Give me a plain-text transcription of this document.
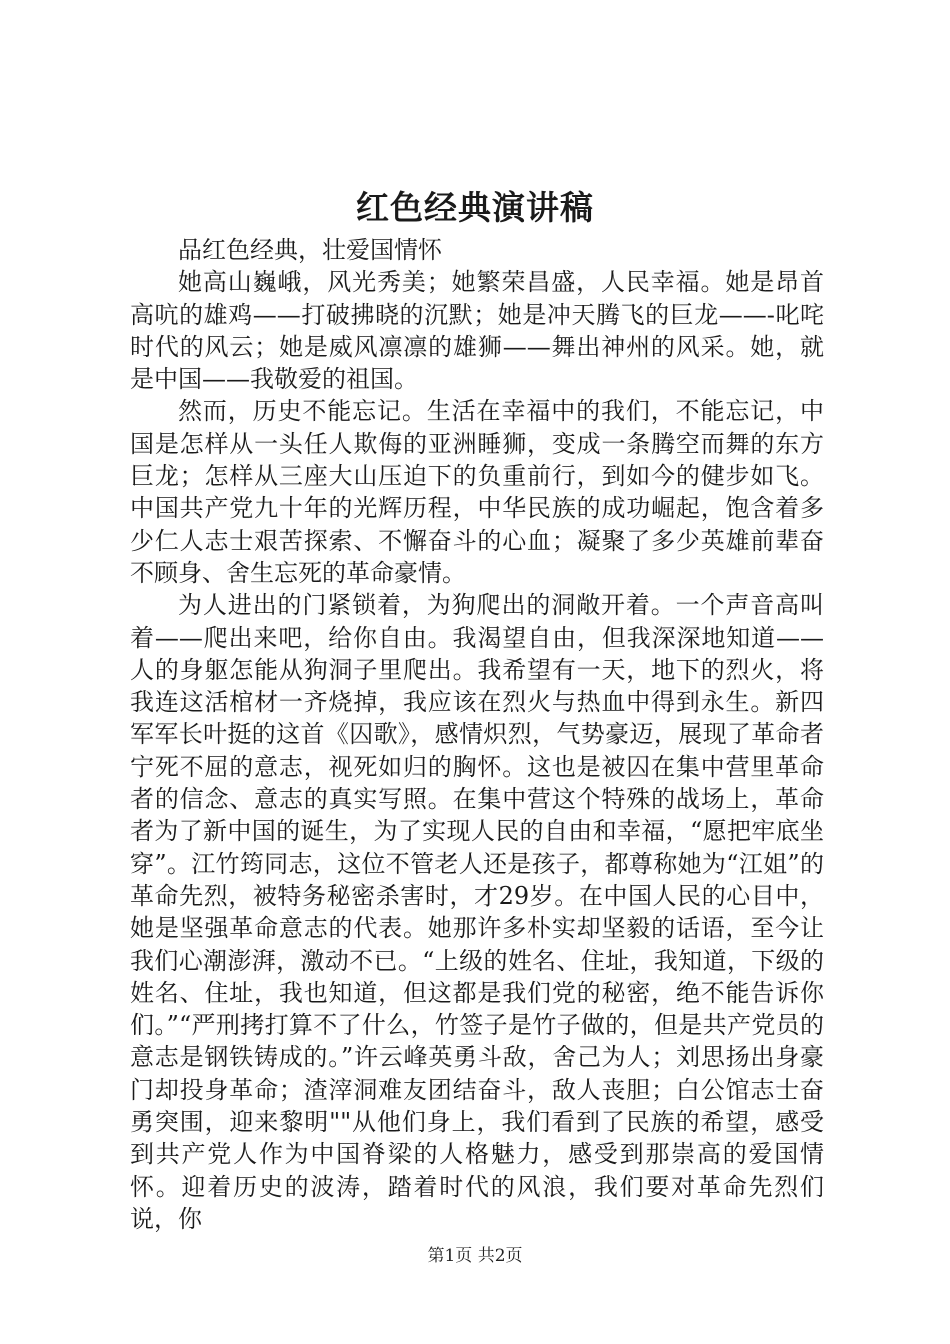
红色经典演讲稿

品红色经典，壮爱国情怀

她高山巍峨，风光秀美；她繁荣昌盛，人民幸福。她是昂首高吭的雄鸡——打破拂晓的沉默；她是冲天腾飞的巨龙——-叱咤时代的风云；她是威风凛凛的雄狮——舞出神州的风采。她，就是中国——我敬爱的祖国。

然而，历史不能忘记。生活在幸福中的我们，不能忘记，中国是怎样从一头任人欺侮的亚洲睡狮，变成一条腾空而舞的东方巨龙；怎样从三座大山压迫下的负重前行，到如今的健步如飞。中国共产党九十年的光辉历程，中华民族的成功崛起，饱含着多少仁人志士艰苦探索、不懈奋斗的心血；凝聚了多少英雄前辈奋不顾身、舍生忘死的革命豪情。

为人进出的门紧锁着，为狗爬出的洞敞开着。一个声音高叫着——爬出来吧，给你自由。我渴望自由，但我深深地知道——人的身躯怎能从狗洞子里爬出。我希望有一天，地下的烈火，将我连这活棺材一齐烧掉，我应该在烈火与热血中得到永生。新四军军长叶挺的这首《囚歌》，感情炽烈，气势豪迈，展现了革命者宁死不屈的意志，视死如归的胸怀。这也是被囚在集中营里革命者的信念、意志的真实写照。在集中营这个特殊的战场上，革命者为了新中国的诞生，为了实现人民的自由和幸福，“愿把牢底坐穿”。江竹筠同志，这位不管老人还是孩子，都尊称她为“江姐”的革命先烈，被特务秘密杀害时，才29岁。在中国人民的心目中，她是坚强革命意志的代表。她那许多朴实却坚毅的话语，至今让我们心潮澎湃，激动不已。“上级的姓名、住址，我知道，下级的姓名、住址，我也知道，但这都是我们党的秘密，绝不能告诉你们。”“严刑拷打算不了什么，竹签子是竹子做的，但是共产党员的意志是钢铁铸成的。”许云峰英勇斗敌，舍己为人；刘思扬出身豪门却投身革命；渣滓洞难友团结奋斗，敌人丧胆；白公馆志士奋勇突围，迎来黎明""从他们身上，我们看到了民族的希望，感受到共产党人作为中国脊梁的人格魅力，感受到那崇高的爱国情怀。迎着历史的波涛，踏着时代的风浪，我们要对革命先烈们说，你

第1页 共2页
